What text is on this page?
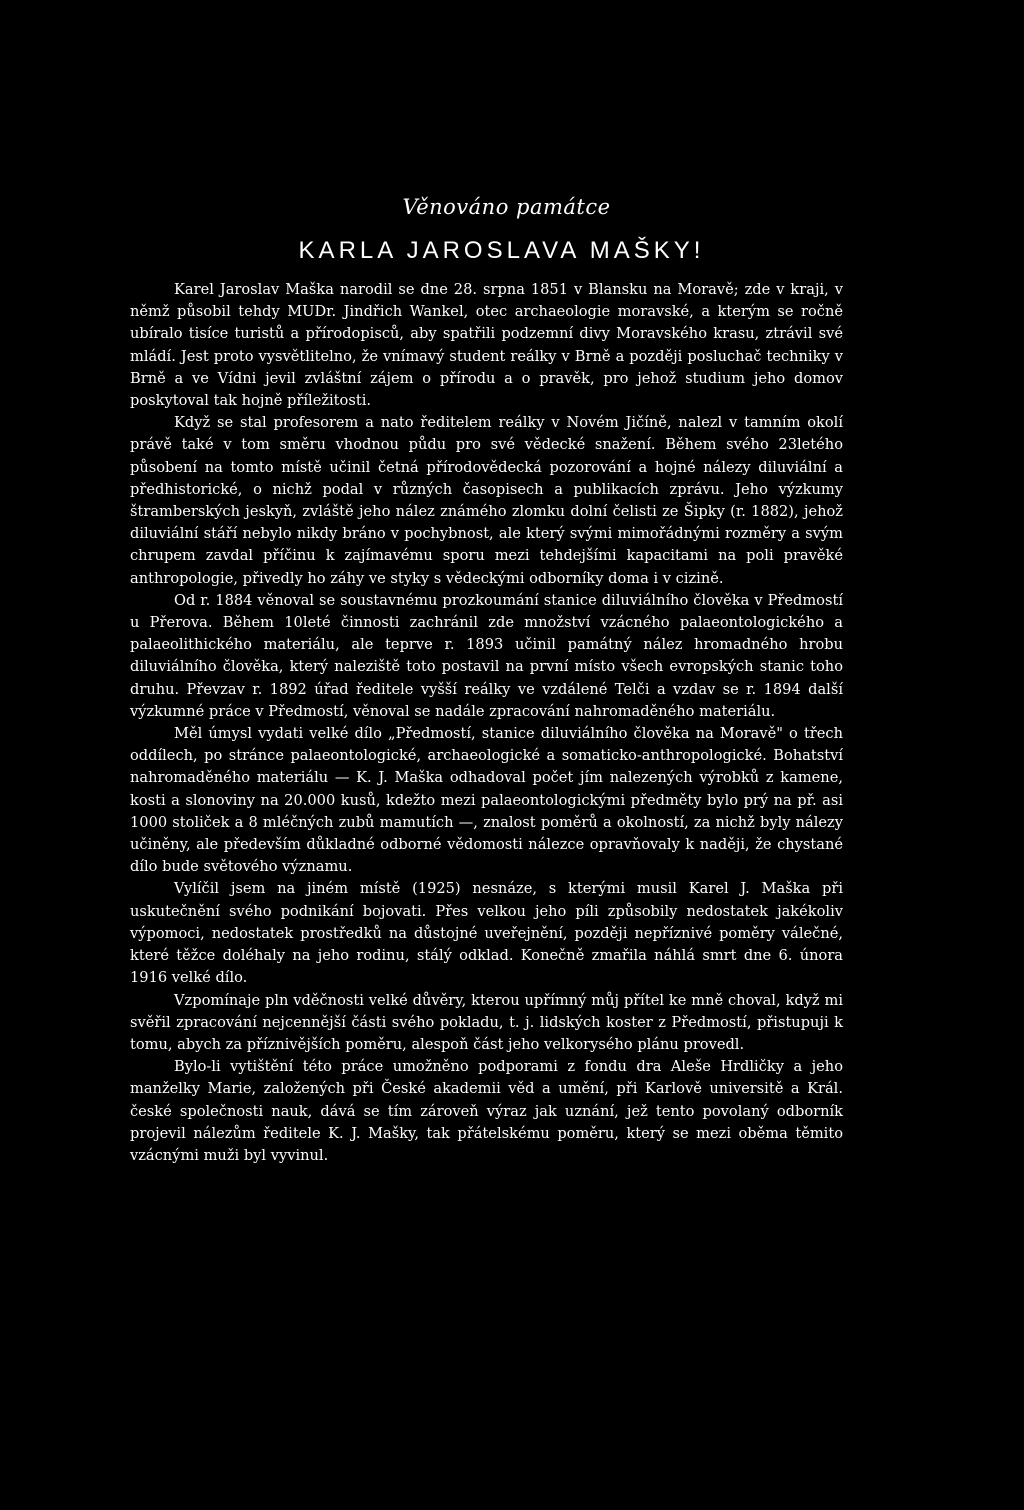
Věnováno památce
KARLA JAROSLAVA MAŠKY!

Karel Jaroslav Maška narodil se dne 28. srpna 1851 v Blansku na Moravě; zde v kraji, v němž působil tehdy MUDr. Jindřich Wankel, otec archaeologie moravské, a kterým se ročně ubíralo tisíce turistů a přírodopisců, aby spatřili podzemní divy Moravského krasu, ztrávil své mládí. Jest proto vysvětlitelno, že vnímavý student reálky v Brně a později posluchač techniky v Brně a ve Vídni jevil zvláštní zájem o přírodu a o pravěk, pro jehož studium jeho domov poskytoval tak hojně příležitosti.

Když se stal profesorem a nato ředitelem reálky v Novém Jičíně, nalezl v tamním okolí právě také v tom směru vhodnou půdu pro své vědecké snažení. Během svého 23letého působení na tomto místě učinil četná přírodovědecká pozorování a hojné nálezy diluviální a předhistorické, o nichž podal v různých časopisech a publikacích zprávu. Jeho výzkumy štramberských jeskyň, zvláště jeho nález známého zlomku dolní čelisti ze Šipky (r. 1882), jehož diluviální stáří nebylo nikdy bráno v pochybnost, ale který svými mimořádnými rozměry a svým chrupem zavdal příčinu k zajímavému sporu mezi tehdejšími kapacitami na poli pravěké anthropologie, přivedly ho záhy ve styky s vědeckými odborníky doma i v cizině.

Od r. 1884 věnoval se soustavnému prozkoumání stanice diluviálního člověka v Předmostí u Přerova. Během 10leté činnosti zachránil zde množství vzácného palaeontologického a palaeolithického materiálu, ale teprve r. 1893 učinil památný nález hromadného hrobu diluviálního člověka, který naleziště toto postavil na první místo všech evropských stanic toho druhu. Převzav r. 1892 úřad ředitele vyšší reálky ve vzdálené Telči a vzdav se r. 1894 další výzkumné práce v Předmostí, věnoval se nadále zpracování nahromaděného materiálu.

Měl úmysl vydati velké dílo „Předmostí, stanice diluviálního člověka na Moravě" o třech oddílech, po stránce palaeontologické, archaeologické a somaticko-anthropologické. Bohatství nahromaděného materiálu — K. J. Maška odhadoval počet jím nalezených výrobků z kamene, kosti a slonoviny na 20.000 kusů, kdežto mezi palaeontologickými předměty bylo prý na př. asi 1000 stoliček a 8 mléčných zubů mamutích —, znalost poměrů a okolností, za nichž byly nálezy učiněny, ale především důkladné odborné vědomosti nálezce opravňovaly k naději, že chystané dílo bude světového významu.

Vylíčil jsem na jiném místě (1925) nesnáze, s kterými musil Karel J. Maška při uskutečnění svého podnikání bojovati. Přes velkou jeho píli způsobily nedostatek jakékoliv výpomoci, nedostatek prostředků na důstojné uveřejnění, později nepříznivé poměry válečné, které těžce doléhaly na jeho rodinu, stálý odklad. Konečně zmařila náhlá smrt dne 6. února 1916 velké dílo.

Vzpomínaje pln vděčnosti velké důvěry, kterou upřímný můj přítel ke mně choval, když mi svěřil zpracování nejcennější části svého pokladu, t. j. lidských koster z Předmostí, přistupuji k tomu, abych za příznivějších poměru, alespoň část jeho velkorysého plánu provedl.

Bylo-li vytištění této práce umožněno podporami z fondu dra Aleše Hrdličky a jeho manželky Marie, založených při České akademii věd a umění, při Karlově universitě a Král. české společnosti nauk, dává se tím zároveň výraz jak uznání, jež tento povolaný odborník projevil nálezům ředitele K. J. Mašky, tak přátelskému poměru, který se mezi oběma těmito vzácnými muži byl vyvinul.
